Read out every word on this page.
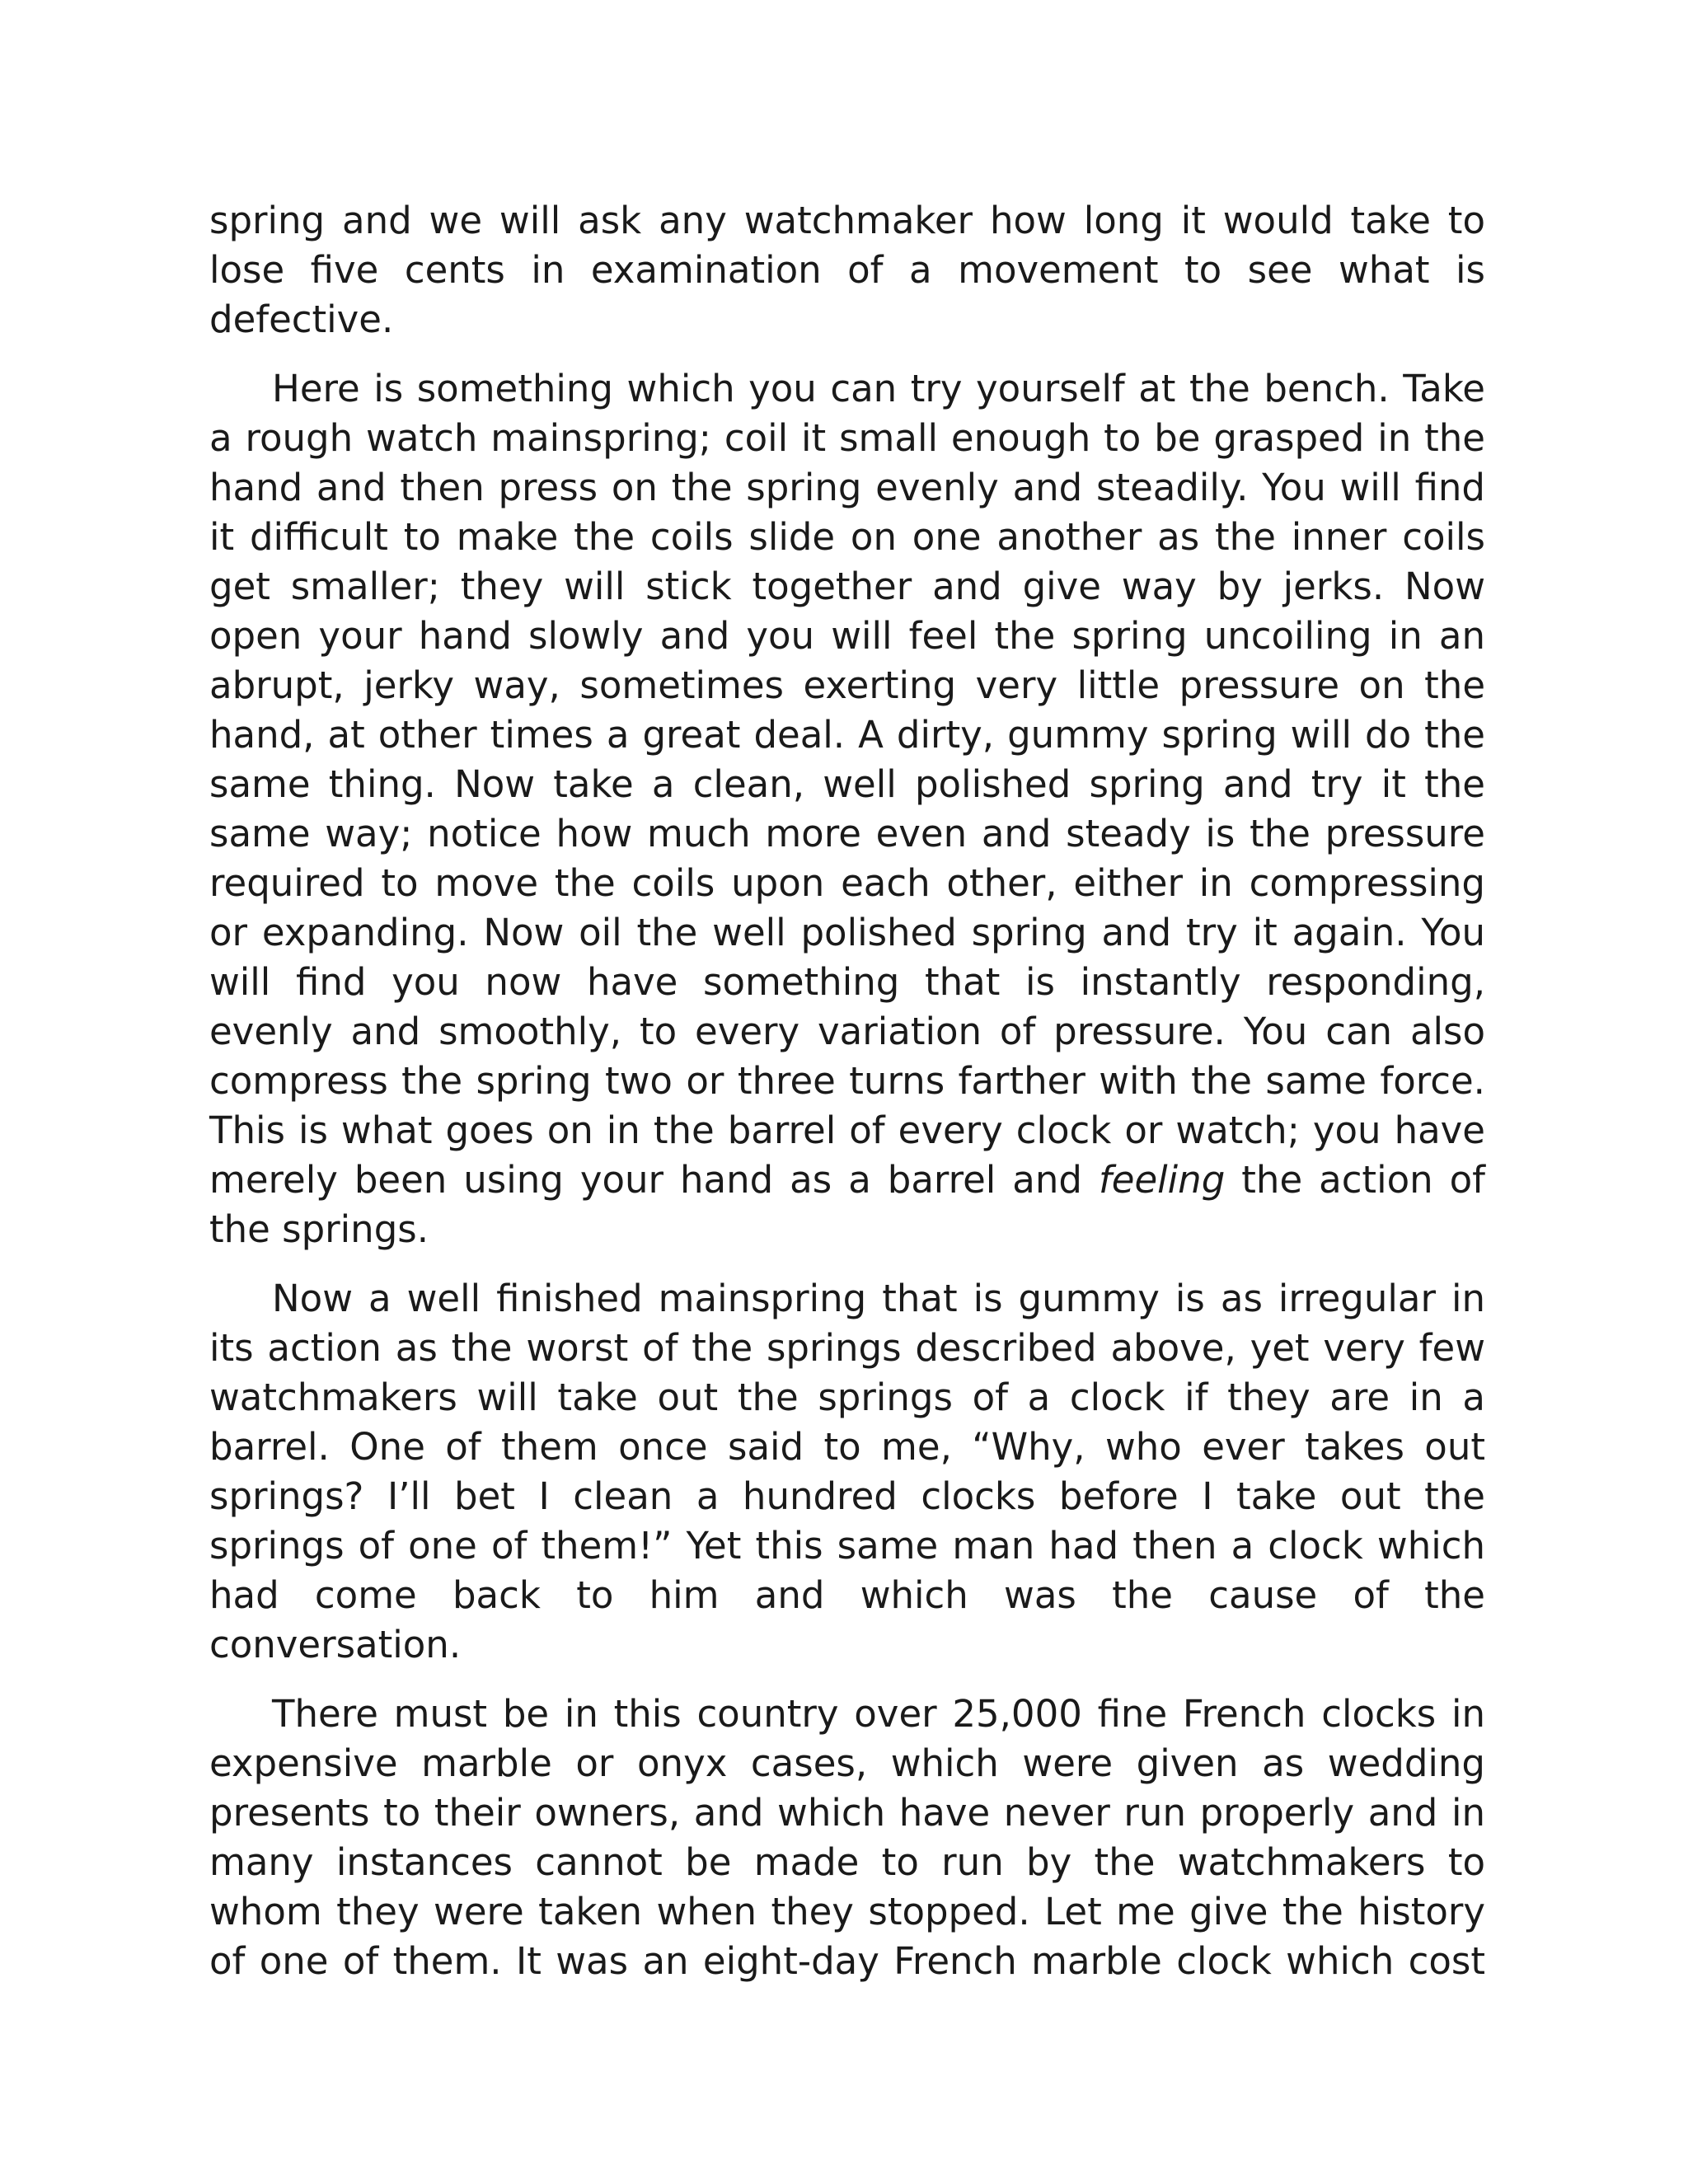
spring and we will ask any watchmaker how long it would take to lose five cents in examination of a movement to see what is defective.

Here is something which you can try yourself at the bench. Take a rough watch mainspring; coil it small enough to be grasped in the hand and then press on the spring evenly and steadily. You will find it difficult to make the coils slide on one another as the inner coils get smaller; they will stick together and give way by jerks. Now open your hand slowly and you will feel the spring uncoiling in an abrupt, jerky way, sometimes exerting very little pressure on the hand, at other times a great deal. A dirty, gummy spring will do the same thing. Now take a clean, well polished spring and try it the same way; notice how much more even and steady is the pressure required to move the coils upon each other, either in compressing or expanding. Now oil the well polished spring and try it again. You will find you now have something that is instantly responding, evenly and smoothly, to every variation of pressure. You can also compress the spring two or three turns farther with the same force. This is what goes on in the barrel of every clock or watch; you have merely been using your hand as a barrel and feeling the action of the springs.

Now a well finished mainspring that is gummy is as irregular in its action as the worst of the springs described above, yet very few watchmakers will take out the springs of a clock if they are in a barrel. One of them once said to me, “Why, who ever takes out springs? I’ll bet I clean a hundred clocks before I take out the springs of one of them!” Yet this same man had then a clock which had come back to him and which was the cause of the conversation.

There must be in this country over 25,000 fine French clocks in expensive marble or onyx cases, which were given as wedding presents to their owners, and which have never run properly and in many instances cannot be made to run by the watchmakers to whom they were taken when they stopped. Let me give the history of one of them. It was an eight-day French marble clock which cost
